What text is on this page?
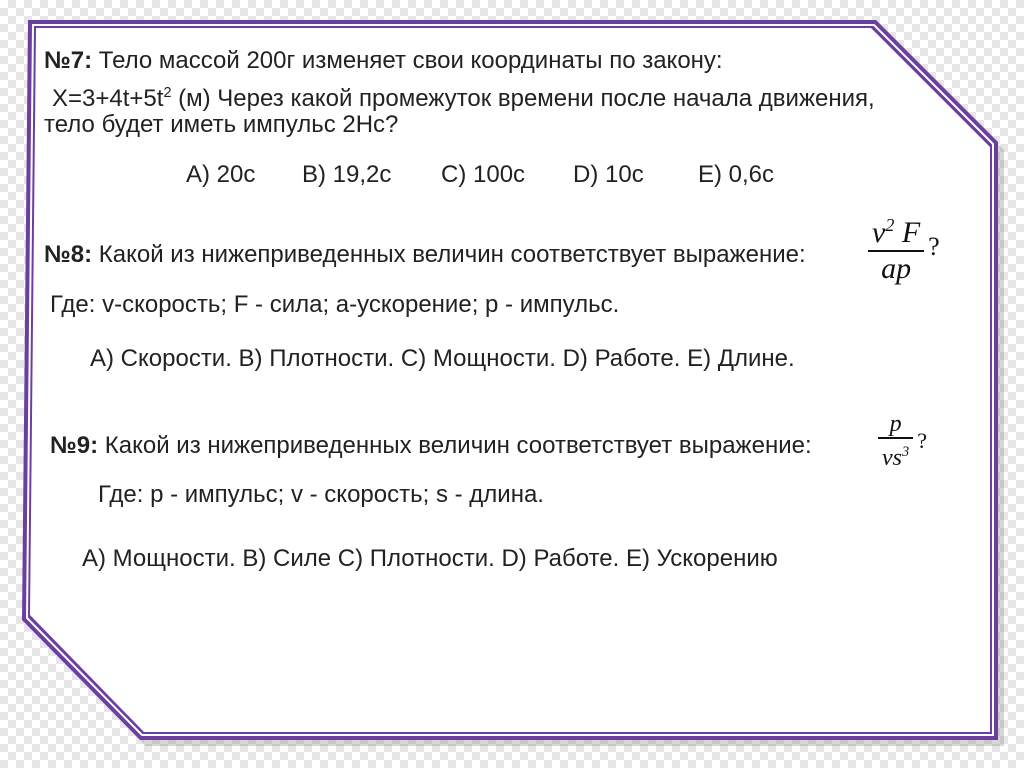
№7: Тело массой 200г изменяет свои координаты по закону:
$X=3+4t+5t^2$ (м) Через какой промежуток времени после начала движения,
тело будет иметь импульс 2Нс?
А) 20с В) 19,2с С) 100с D) 10с Е) 0,6с
№8: Какой из нижеприведенных величин соответствует выражение: $\frac{v^2 F}{ap}$ ?
Где: v-скорость; F - сила; а-ускорение; р - импульс.
А) Скорости. В) Плотности. С) Мощности. D) Работе. Е) Длине.
№9: Какой из нижеприведенных величин соответствует выражение:	$\frac{p}{vs^3}$ ?
Где: р - импульс; v - скорость; s - длина.
А) Мощности. В) Силе С) Плотности. D) Работе. Е) Ускорению
